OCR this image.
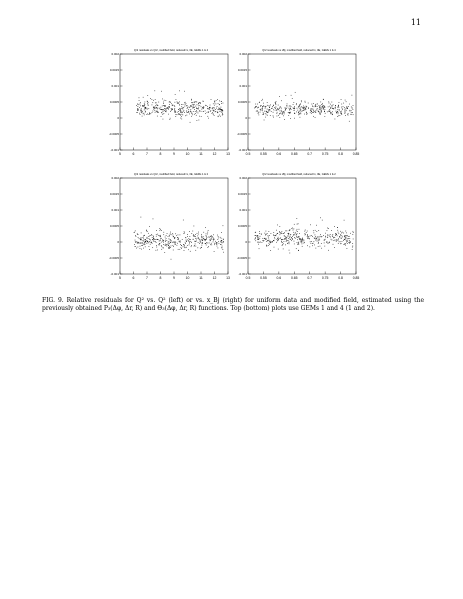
11
Q²2 residuals vs Q²2, modified field, reduced=x, 0E, GEMs 1 & 4
5	6	7	8	9	10	11	12	13
-0.001
-0.0005
0
0.0005
0.001
0.0015
0.002
Q²2 residuals vs xBj, modified field, reduced=x, 0E, GEMs 1 & 4
0.5	0.55	0.6	0.65	0.7	0.75	0.8	0.85
-0.001
-0.0005
0
0.0005
0.001
0.0015
0.002
Q²2 residuals vs Q²2, modified field, reduced=x, 0E, GEMs 1 & 2
5	6	7	8	9	10	11	12	13
-0.001
-0.0005
0
0.0005
0.001
0.0015
0.002
Q²2 residuals vs xBj, modified field, reduced=x, 0E, GEMs 1 & 2
0.5	0.55	0.6	0.65	0.7	0.75	0.8	0.85
-0.001
-0.0005
0
0.0005
0.001
0.0015
0.002
FIG. 9. Relative residuals for Q² vs. Q² (left) or vs. x_Bj (right) for uniform data and modified field, estimated using the previously obtained P₃(Δφ, Δr, R) and Θ₃(Δφ, Δr, R) functions. Top (bottom) plots use GEMs 1 and 4 (1 and 2).
